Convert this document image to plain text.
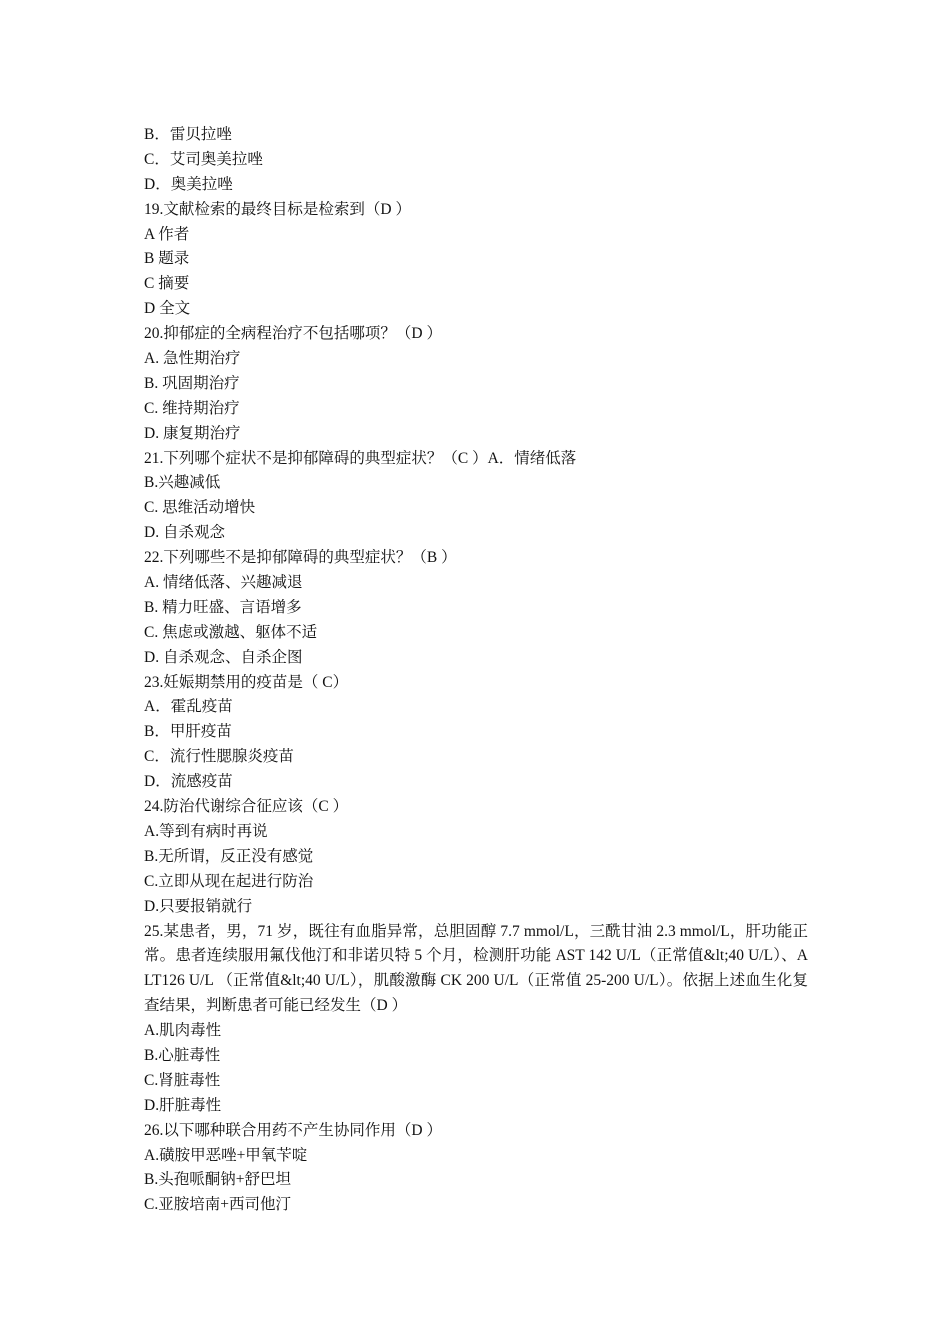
B．雷贝拉唑
C．艾司奥美拉唑
D．奥美拉唑
19.文献检索的最终目标是检索到（D ）
A 作者
B 题录
C 摘要
D 全文
20.抑郁症的全病程治疗不包括哪项？（D ）
A. 急性期治疗
B. 巩固期治疗
C. 维持期治疗
D. 康复期治疗
21.下列哪个症状不是抑郁障碍的典型症状？（C ）A．情绪低落
B.兴趣减低
C. 思维活动增快
D. 自杀观念
22.下列哪些不是抑郁障碍的典型症状？（B ）
A. 情绪低落、兴趣减退
B. 精力旺盛、言语增多
C. 焦虑或激越、躯体不适
D. 自杀观念、自杀企图
23.妊娠期禁用的疫苗是（ C）
A．霍乱疫苗
B．甲肝疫苗
C．流行性腮腺炎疫苗
D．流感疫苗
24.防治代谢综合征应该（C ）
A.等到有病时再说
B.无所谓，反正没有感觉
C.立即从现在起进行防治
D.只要报销就行
25.某患者，男，71 岁，既往有血脂异常，总胆固醇 7.7 mmol/L，三酰甘油 2.3 mmol/L，肝功能正常。患者连续服用氟伐他汀和非诺贝特 5 个月，检测肝功能 AST 142 U/L（正常值&lt;40 U/L）、ALT126 U/L （正常值&lt;40 U/L），肌酸激酶 CK 200 U/L（正常值 25-200 U/L）。依据上述血生化复查结果，判断患者可能已经发生（D ）
A.肌肉毒性
B.心脏毒性
C.肾脏毒性
D.肝脏毒性
26.以下哪种联合用药不产生协同作用（D ）
A.磺胺甲恶唑+甲氧苄啶
B.头孢哌酮钠+舒巴坦
C.亚胺培南+西司他汀
